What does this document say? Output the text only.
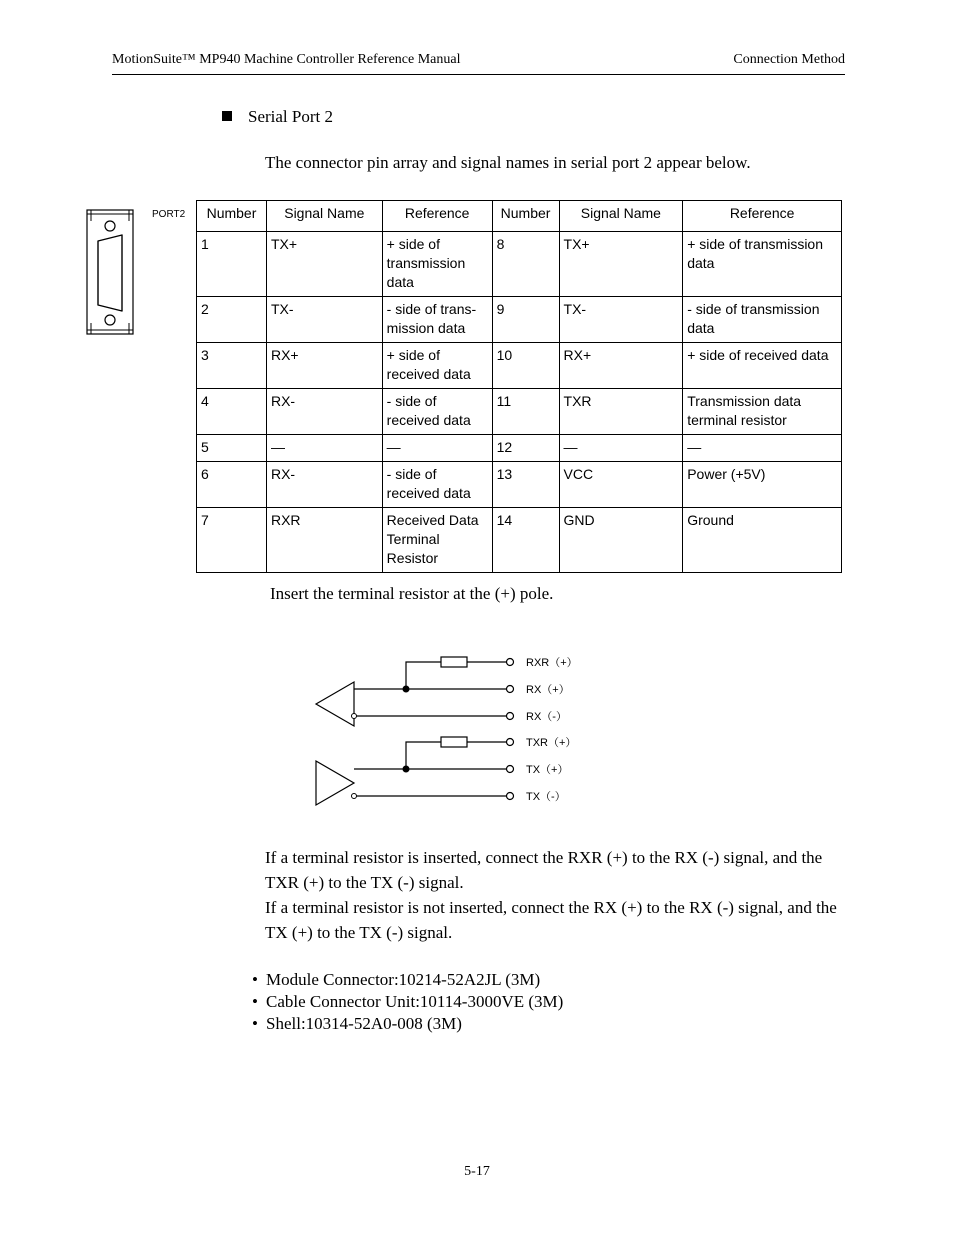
MotionSuite™ MP940 Machine Controller Reference Manual	Connection Method
Serial Port 2
The connector pin array and signal names in serial port 2 appear below.
PORT2 Number	Signal Name	Reference	Number	Signal Name	Reference
1	TX+	+ side of transmission data	8	TX+	+ side of transmission data
2	TX-	- side of trans-mission data	9	TX-	- side of transmission data
3	RX+	+ side of received data	10	RX+	+ side of received data
4	RX-	- side of received data	11	TXR	Transmission data terminal resistor
5	—	—	12	—	—
6	RX-	- side of received data	13	VCC	Power (+5V)
7	RXR	Received Data Terminal Resistor	14	GND	Ground
Insert the terminal resistor at the (+) pole.
RXR（+）
RX（+）
RX（-）
TXR（+）
TX（+）
TX（-）

If a terminal resistor is inserted, connect the RXR (+) to the RX (-) signal, and the TXR (+) to the TX (-) signal.

If a terminal resistor is not inserted, connect the RX (+) to the RX (-) signal, and the TX (+) to the TX (-) signal.

• Module Connector:10214-52A2JL (3M)
• Cable Connector Unit:10114-3000VE (3M)
• Shell:10314-52A0-008 (3M)
5-17
